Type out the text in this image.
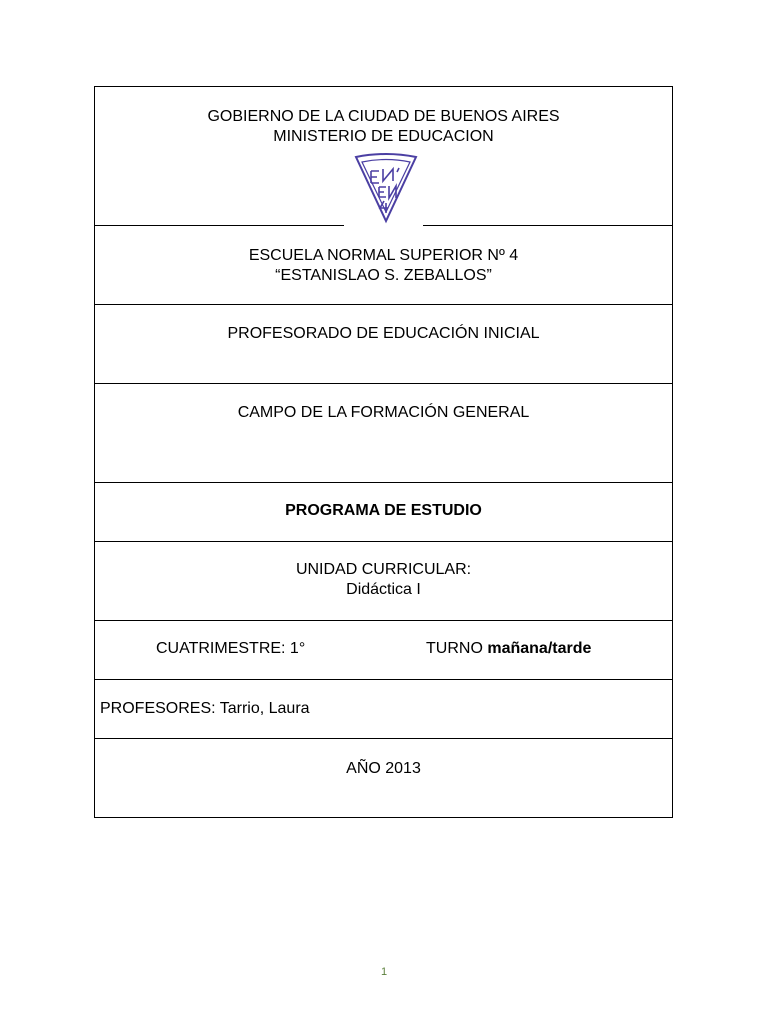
GOBIERNO DE LA CIUDAD DE BUENOS AIRES
MINISTERIO DE EDUCACION
ESCUELA NORMAL SUPERIOR Nº 4
“ESTANISLAO S. ZEBALLOS”
PROFESORADO DE EDUCACIÓN INICIAL
CAMPO DE LA FORMACIÓN GENERAL
PROGRAMA DE ESTUDIO
UNIDAD CURRICULAR:
Didáctica I
CUATRIMESTRE: 1°	TURNO mañana/tarde
PROFESORES: Tarrio, Laura
AÑO 2013
1
